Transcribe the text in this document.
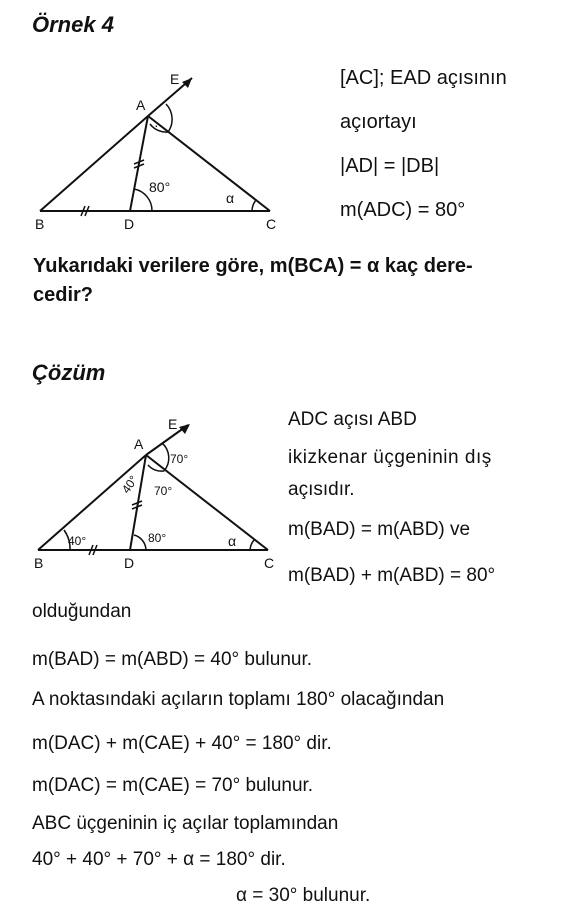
Örnek 4
·
A
B	C
D
E
80°
α
[AC]; EAD açısının
açıortayı
|AD| = |DB|
m(ADC) = 80°
Yukarıdaki verilere göre, m(BCA) = α kaç dere-
cedir?
Çözüm
A
B	C
D
E
70°
70°
40°
40°	80°	α
ADC açısı ABD
ikizkenar üçgeninin dış
açısıdır.
m(BAD) = m(ABD) ve
m(BAD) + m(ABD) = 80°
olduğundan
m(BAD) = m(ABD) = 40° bulunur.
A noktasındaki açıların toplamı 180° olacağından
m(DAC) + m(CAE) + 40° = 180° dir.
m(DAC) = m(CAE) = 70° bulunur.
ABC üçgeninin iç açılar toplamından
40° + 40° + 70° + α = 180° dir.
α = 30° bulunur.
